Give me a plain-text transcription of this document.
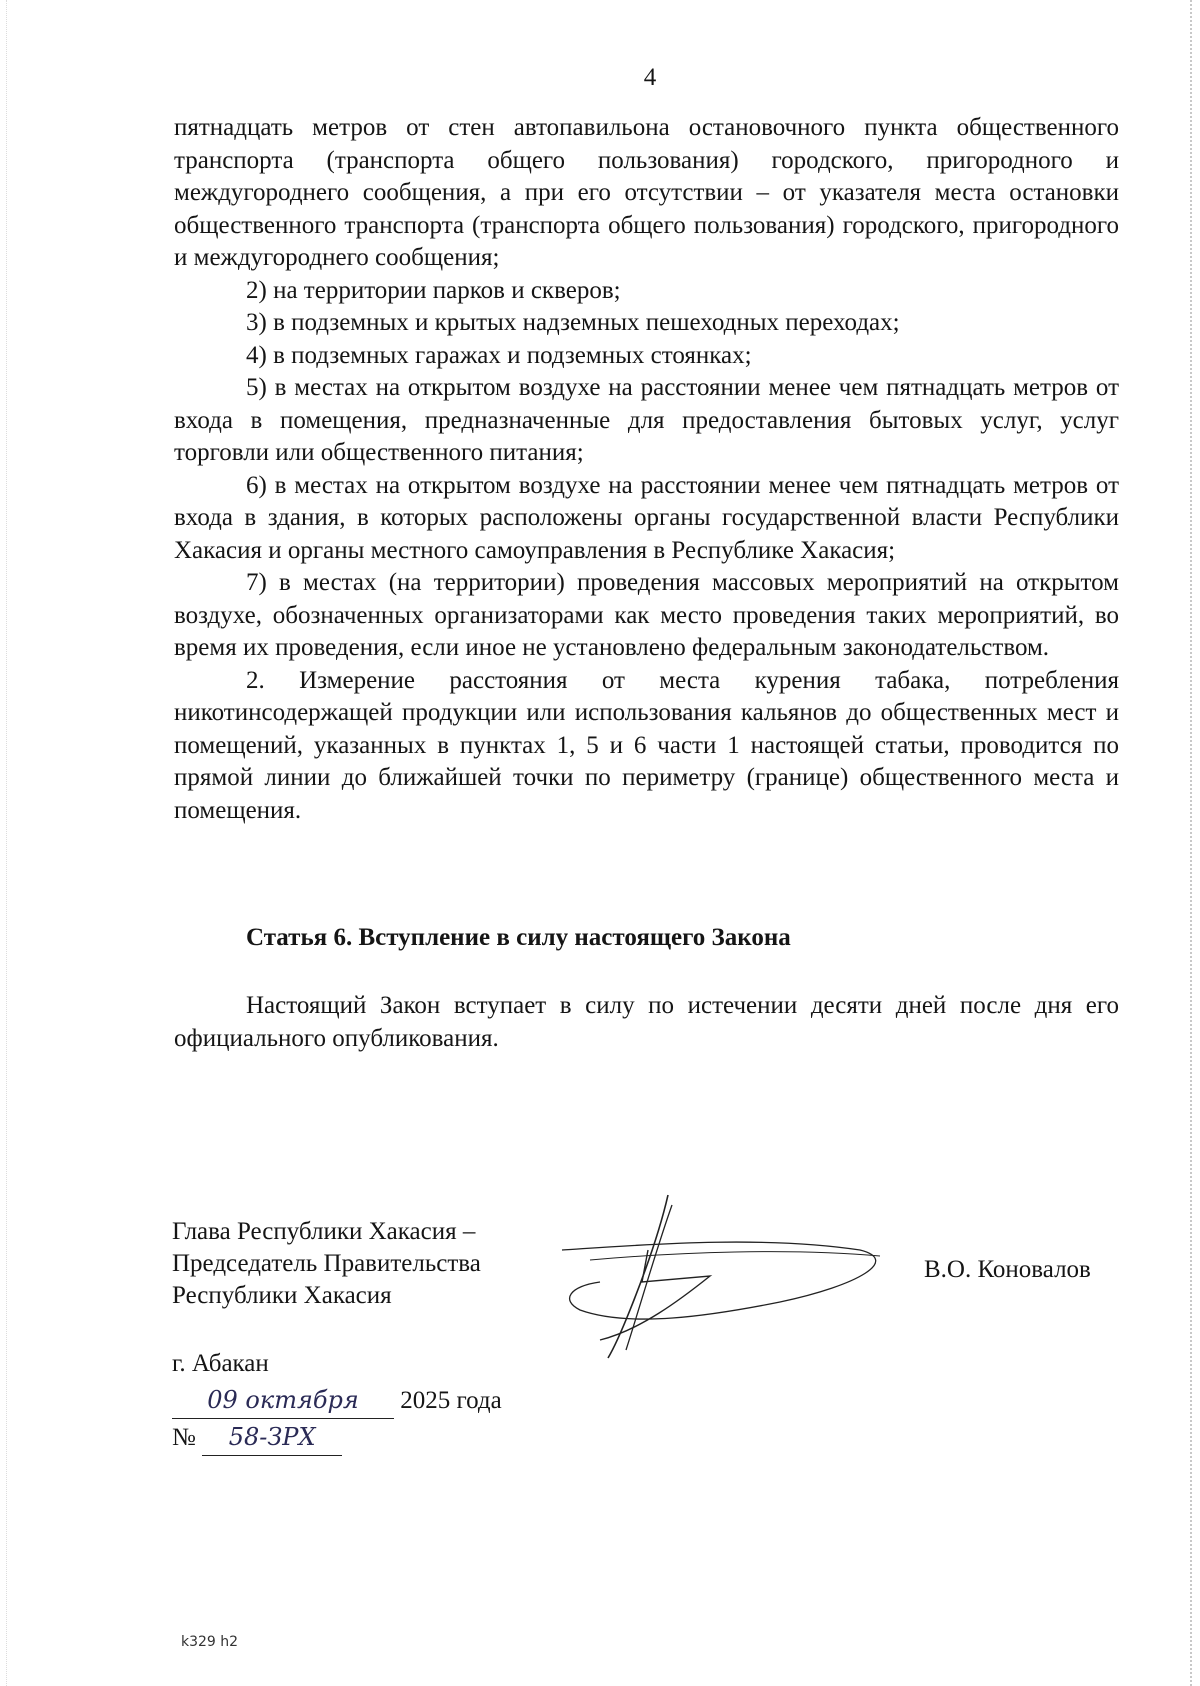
4

пятнадцать метров от стен автопавильона остановочного пункта общественного транспорта (транспорта общего пользования) городского, пригородного и междугороднего сообщения, а при его отсутствии – от указателя места остановки общественного транспорта (транспорта общего пользования) городского, пригородного и междугороднего сообщения;

2) на территории парков и скверов;

3) в подземных и крытых надземных пешеходных переходах;

4) в подземных гаражах и подземных стоянках;

5) в местах на открытом воздухе на расстоянии менее чем пятнадцать метров от входа в помещения, предназначенные для предоставления бытовых услуг, услуг торговли или общественного питания;

6) в местах на открытом воздухе на расстоянии менее чем пятнадцать метров от входа в здания, в которых расположены органы государственной власти Республики Хакасия и органы местного самоуправления в Республике Хакасия;

7) в местах (на территории) проведения массовых мероприятий на открытом воздухе, обозначенных организаторами как место проведения таких мероприятий, во время их проведения, если иное не установлено федеральным законодательством.

2. Измерение расстояния от места курения табака, потребления никотинсодержащей продукции или использования кальянов до общественных мест и помещений, указанных в пунктах 1, 5 и 6 части 1 настоящей статьи, проводится по прямой линии до ближайшей точки по периметру (границе) общественного места и помещения.

Статья 6. Вступление в силу настоящего Закона

Настоящий Закон вступает в силу по истечении десяти дней после дня его официального опубликования.

Глава Республики Хакасия –
Председатель Правительства
Республики Хакасия
В.О. Коновалов
г. Абакан
09 октября 2025 года
№ 58-ЗРХ
k329 h2
